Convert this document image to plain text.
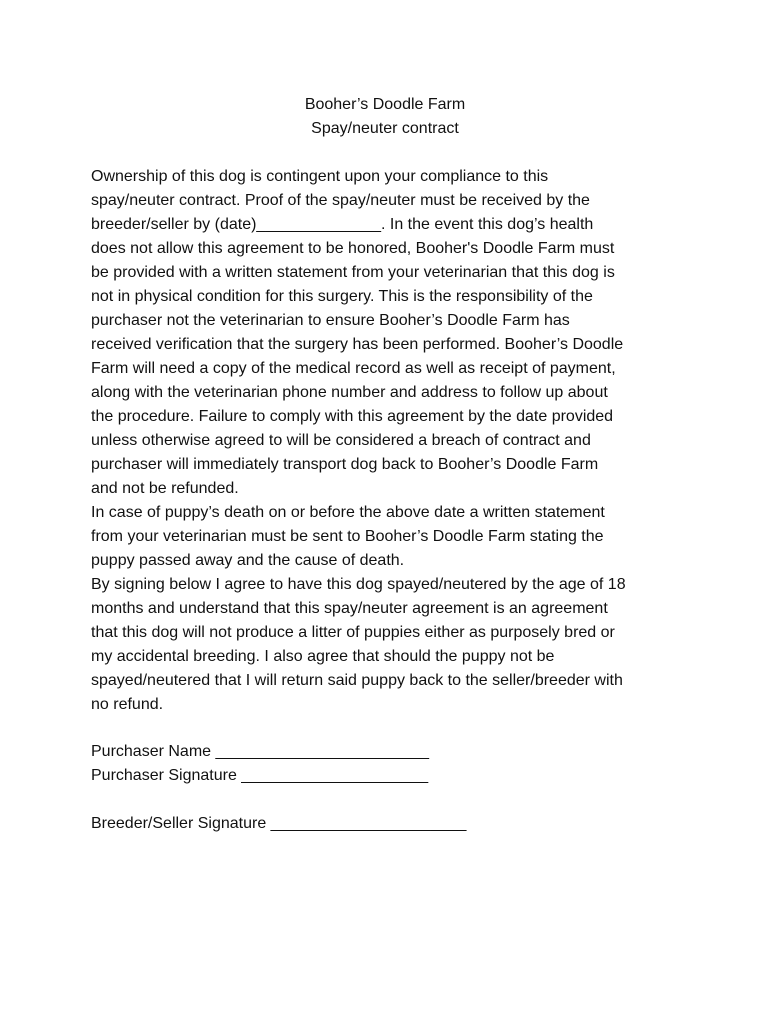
Booher’s Doodle Farm
Spay/neuter contract

Ownership of this dog is contingent upon your compliance to this
spay/neuter contract. Proof of the spay/neuter must be received by the
breeder/seller by (date)______________. In the event this dog’s health
does not allow this agreement to be honored, Booher's Doodle Farm must
be provided with a written statement from your veterinarian that this dog is
not in physical condition for this surgery. This is the responsibility of the
purchaser not the veterinarian to ensure Booher’s Doodle Farm has
received verification that the surgery has been performed. Booher’s Doodle
Farm will need a copy of the medical record as well as receipt of payment,
along with the veterinarian phone number and address to follow up about
the procedure. Failure to comply with this agreement by the date provided
unless otherwise agreed to will be considered a breach of contract and
purchaser will immediately transport dog back to Booher’s Doodle Farm
and not be refunded.

In case of puppy’s death on or before the above date a written statement
from your veterinarian must be sent to Booher’s Doodle Farm stating the
puppy passed away and the cause of death.

By signing below I agree to have this dog spayed/neutered by the age of 18
months and understand that this spay/neuter agreement is an agreement
that this dog will not produce a litter of puppies either as purposely bred or
my accidental breeding. I also agree that should the puppy not be
spayed/neutered that I will return said puppy back to the seller/breeder with
no refund.

Purchaser Name ________________________
Purchaser Signature _____________________
Breeder/Seller Signature ______________________
